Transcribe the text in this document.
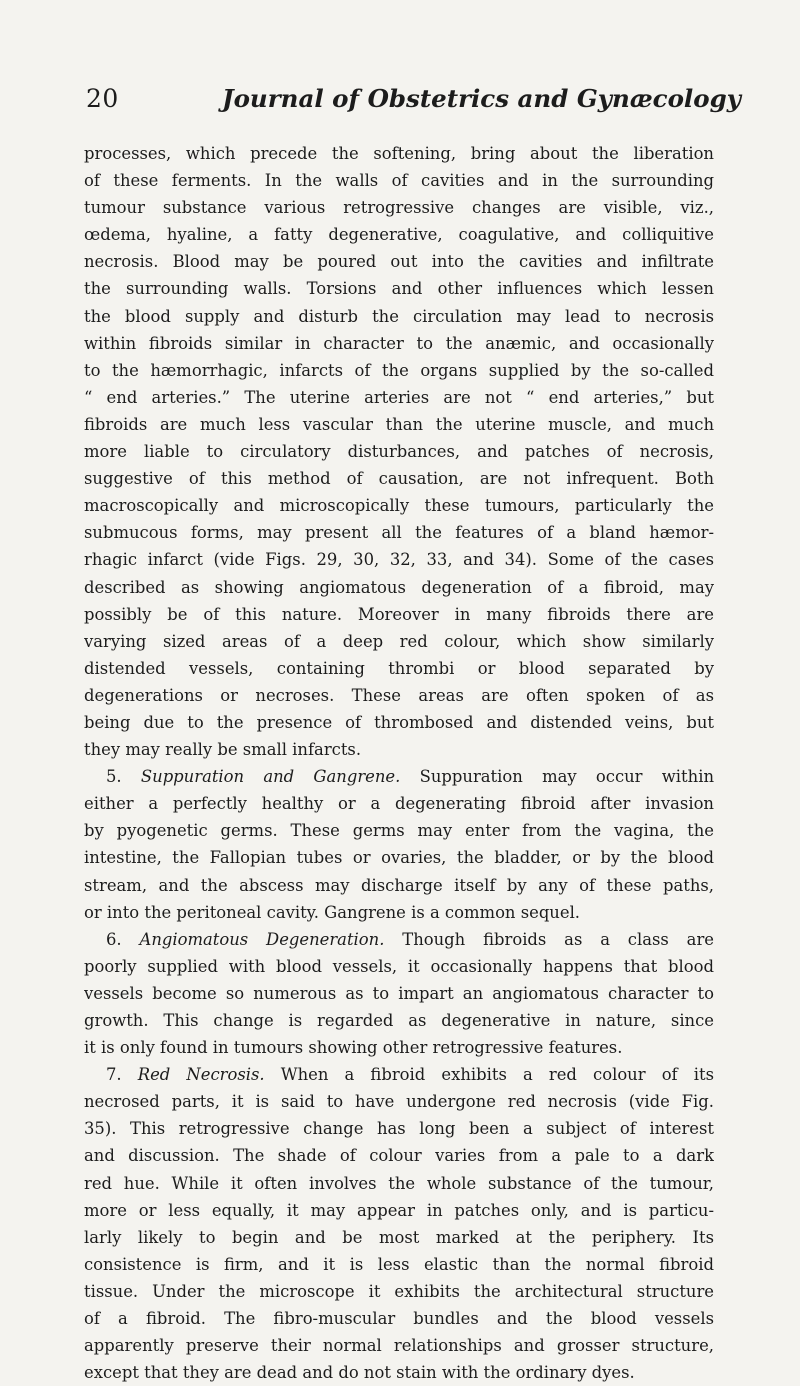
20	Journal of Obstetrics and Gynæcology
processes, which precede the softening, bring about the liberation
of these ferments. In the walls of cavities and in the surrounding
tumour substance various retrogressive changes are visible, viz.,
œdema, hyaline, a fatty degenerative, coagulative, and colliquitive
necrosis. Blood may be poured out into the cavities and infiltrate
the surrounding walls. Torsions and other influences which lessen
the blood supply and disturb the circulation may lead to necrosis
within fibroids similar in character to the anæmic, and occasionally
to the hæmorrhagic, infarcts of the organs supplied by the so-called
“ end arteries.” The uterine arteries are not “ end arteries,” but
fibroids are much less vascular than the uterine muscle, and much
more liable to circulatory disturbances, and patches of necrosis,
suggestive of this method of causation, are not infrequent. Both
macroscopically and microscopically these tumours, particularly the
submucous forms, may present all the features of a bland hæmor-
rhagic infarct (vide Figs. 29, 30, 32, 33, and 34). Some of the cases
described as showing angiomatous degeneration of a fibroid, may
possibly be of this nature. Moreover in many fibroids there are
varying sized areas of a deep red colour, which show similarly
distended vessels, containing thrombi or blood separated by
degenerations or necroses. These areas are often spoken of as
being due to the presence of thrombosed and distended veins, but
they may really be small infarcts.
5. Suppuration and Gangrene. Suppuration may occur within
either a perfectly healthy or a degenerating fibroid after invasion
by pyogenetic germs. These germs may enter from the vagina, the
intestine, the Fallopian tubes or ovaries, the bladder, or by the blood
stream, and the abscess may discharge itself by any of these paths,
or into the peritoneal cavity. Gangrene is a common sequel.
6. Angiomatous Degeneration. Though fibroids as a class are
poorly supplied with blood vessels, it occasionally happens that blood
vessels become so numerous as to impart an angiomatous character to
growth. This change is regarded as degenerative in nature, since
it is only found in tumours showing other retrogressive features.
7. Red Necrosis. When a fibroid exhibits a red colour of its
necrosed parts, it is said to have undergone red necrosis (vide Fig.
35). This retrogressive change has long been a subject of interest
and discussion. The shade of colour varies from a pale to a dark
red hue. While it often involves the whole substance of the tumour,
more or less equally, it may appear in patches only, and is particu-
larly likely to begin and be most marked at the periphery. Its
consistence is firm, and it is less elastic than the normal fibroid
tissue. Under the microscope it exhibits the architectural structure
of a fibroid. The fibro-muscular bundles and the blood vessels
apparently preserve their normal relationships and grosser structure,
except that they are dead and do not stain with the ordinary dyes.
